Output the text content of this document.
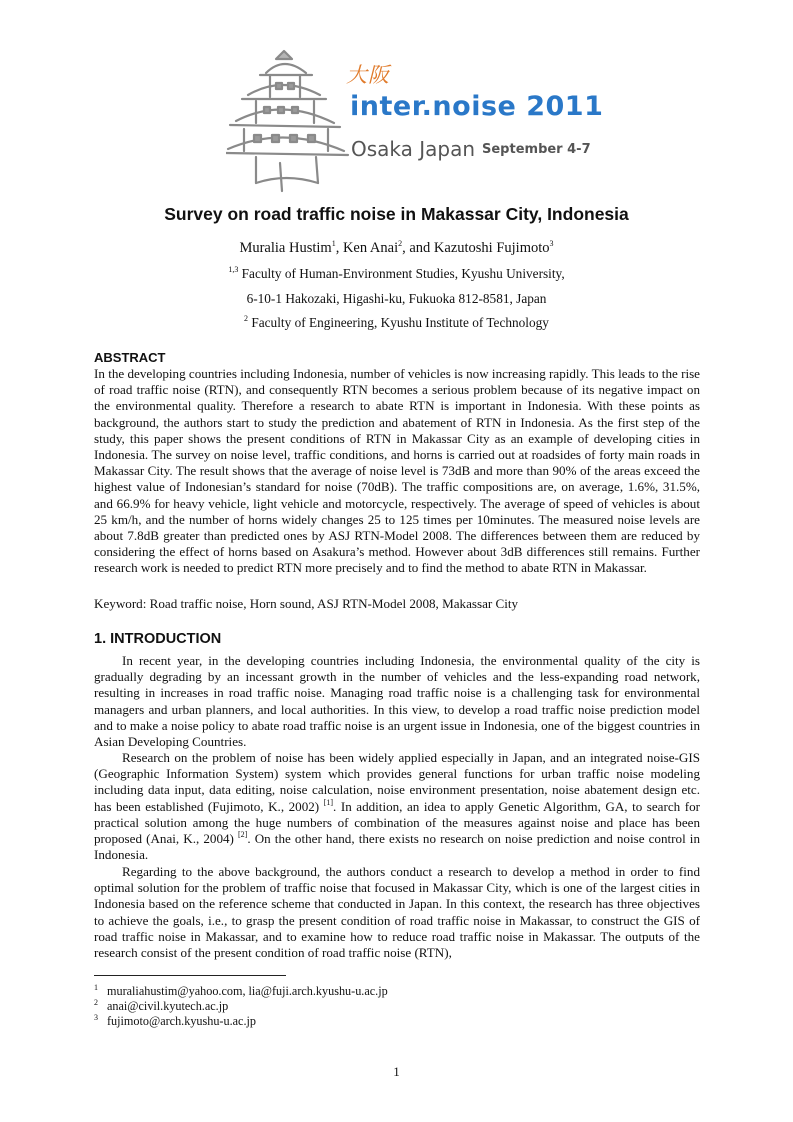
大阪
inter.noise 2011
Osaka Japan September 4-7
Survey on road traffic noise in Makassar City, Indonesia
Muralia Hustim$^1$, Ken Anai$^2$, and Kazutoshi Fujimoto$^3$
$^{1,3}$ Faculty of Human-Environment Studies, Kyushu University,
6-10-1 Hakozaki, Higashi-ku, Fukuoka 812-8581, Japan
$^2$ Faculty of Engineering, Kyushu Institute of Technology
ABSTRACT

In the developing countries including Indonesia, number of vehicles is now increasing rapidly. This leads to the rise of road traffic noise (RTN), and consequently RTN becomes a serious problem because of its negative impact on the environmental quality. Therefore a research to abate RTN is important in Indonesia. With these points as background, the authors start to study the prediction and abatement of RTN in Indonesia. As the first step of the study, this paper shows the present conditions of RTN in Makassar City as an example of developing cities in Indonesia. The survey on noise level, traffic conditions, and horns is carried out at roadsides of forty main roads in Makassar City. The result shows that the average of noise level is 73dB and more than 90% of the areas exceed the highest value of Indonesian’s standard for noise (70dB). The traffic compositions are, on average, 1.6%, 31.5%, and 66.9% for heavy vehicle, light vehicle and motorcycle, respectively. The average of speed of vehicles is about 25 km/h, and the number of horns widely changes 25 to 125 times per 10minutes. The measured noise levels are about 7.8dB greater than predicted ones by ASJ RTN-Model 2008. The differences between them are reduced by considering the effect of horns based on Asakura’s method. However about 3dB differences still remains. Further research work is needed to predict RTN more precisely and to find the method to abate RTN in Makassar.

Keyword: Road traffic noise, Horn sound, ASJ RTN-Model 2008, Makassar City

1. INTRODUCTION

In recent year, in the developing countries including Indonesia, the environmental quality of the city is gradually degrading by an incessant growth in the number of vehicles and the less-expanding road network, resulting in increases in road traffic noise. Managing road traffic noise is a challenging task for environmental managers and urban planners, and local authorities. In this view, to develop a road traffic noise prediction model and to make a noise policy to abate road traffic noise is an urgent issue in Indonesia, one of the biggest countries in Asian Developing Countries.

Research on the problem of noise has been widely applied especially in Japan, and an integrated noise-GIS (Geographic Information System) system which provides general functions for urban traffic noise modeling including data input, data editing, noise calculation, noise environment presentation, noise abatement design etc. has been established (Fujimoto, K., 2002) [1]. In addition, an idea to apply Genetic Algorithm, GA, to search for practical solution among the huge numbers of combination of the measures against noise and place has been proposed (Anai, K., 2004) [2]. On the other hand, there exists no research on noise prediction and noise control in Indonesia.

Regarding to the above background, the authors conduct a research to develop a method in order to find optimal solution for the problem of traffic noise that focused in Makassar City, which is one of the largest cities in Indonesia based on the reference scheme that conducted in Japan. In this context, the research has three objectives to achieve the goals, i.e., to grasp the present condition of road traffic noise in Makassar, to construct the GIS of road traffic noise in Makassar, and to examine how to reduce road traffic noise in Makassar. The outputs of the research consist of the present condition of road traffic noise (RTN),

1 muraliahustim@yahoo.com, lia@fuji.arch.kyushu-u.ac.jp
2 anai@civil.kyutech.ac.jp
3 fujimoto@arch.kyushu-u.ac.jp
1
